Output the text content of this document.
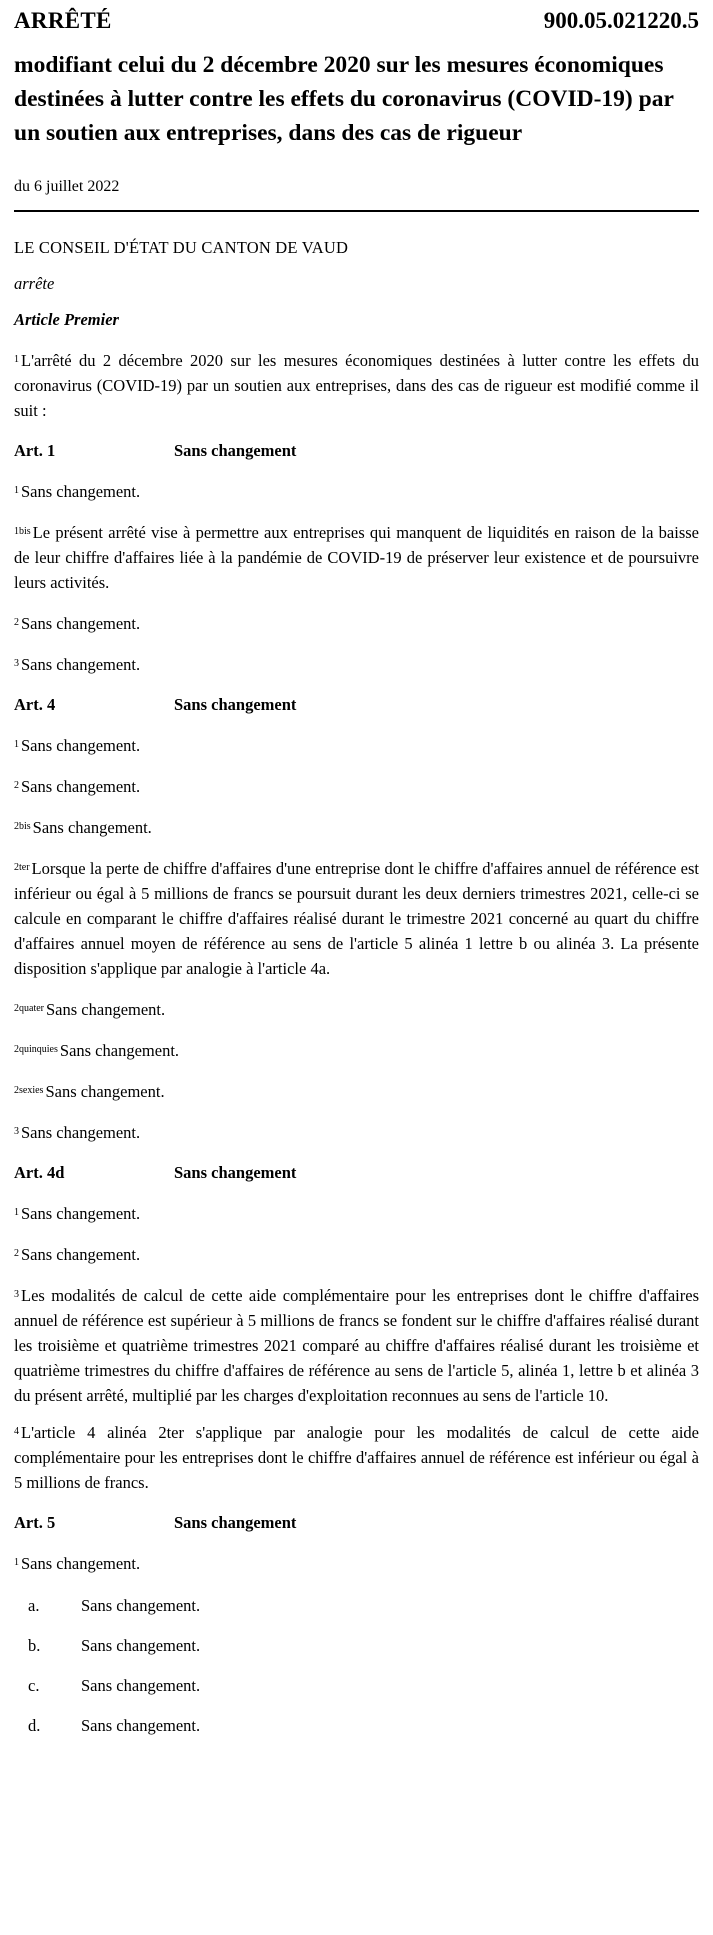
ARRÊTÉ	900.05.021220.5
modifiant celui du 2 décembre 2020 sur les mesures économiques destinées à lutter contre les effets du coronavirus (COVID-19) par un soutien aux entreprises, dans des cas de rigueur
du 6 juillet 2022
LE CONSEIL D'ÉTAT DU CANTON DE VAUD
arrête
Article Premier

$^1$ L'arrêté du 2 décembre 2020 sur les mesures économiques destinées à lutter contre les effets du coronavirus (COVID-19) par un soutien aux entreprises, dans des cas de rigueur est modifié comme il suit :

Art. 1	Sans changement

$^1$ Sans changement.

$^{1bis}$ Le présent arrêté vise à permettre aux entreprises qui manquent de liquidités en raison de la baisse de leur chiffre d'affaires liée à la pandémie de COVID-19 de préserver leur existence et de poursuivre leurs activités.

$^2$ Sans changement.

$^3$ Sans changement.

Art. 4	Sans changement

$^1$ Sans changement.

$^2$ Sans changement.

$^{2bis}$ Sans changement.

$^{2ter}$ Lorsque la perte de chiffre d'affaires d'une entreprise dont le chiffre d'affaires annuel de référence est inférieur ou égal à 5 millions de francs se poursuit durant les deux derniers trimestres 2021, celle-ci se calcule en comparant le chiffre d'affaires réalisé durant le trimestre 2021 concerné au quart du chiffre d'affaires annuel moyen de référence au sens de l'article 5 alinéa 1 lettre b ou alinéa 3. La présente disposition s'applique par analogie à l'article 4a.

$^{2quater}$ Sans changement.

$^{2quinquies}$ Sans changement.

$^{2sexies}$ Sans changement.

$^3$ Sans changement.

Art. 4d	Sans changement

$^1$ Sans changement.

$^2$ Sans changement.

$^3$ Les modalités de calcul de cette aide complémentaire pour les entreprises dont le chiffre d'affaires annuel de référence est supérieur à 5 millions de francs se fondent sur le chiffre d'affaires réalisé durant les troisième et quatrième trimestres 2021 comparé au chiffre d'affaires réalisé durant les troisième et quatrième trimestres du chiffre d'affaires de référence au sens de l'article 5, alinéa 1, lettre b et alinéa 3 du présent arrêté, multiplié par les charges d'exploitation reconnues au sens de l'article 10.

$^4$ L'article 4 alinéa 2ter s'applique par analogie pour les modalités de calcul de cette aide complémentaire pour les entreprises dont le chiffre d'affaires annuel de référence est inférieur ou égal à 5 millions de francs.

Art. 5	Sans changement

$^1$ Sans changement.

a.	Sans changement.
b.	Sans changement.
c.	Sans changement.
d.	Sans changement.
